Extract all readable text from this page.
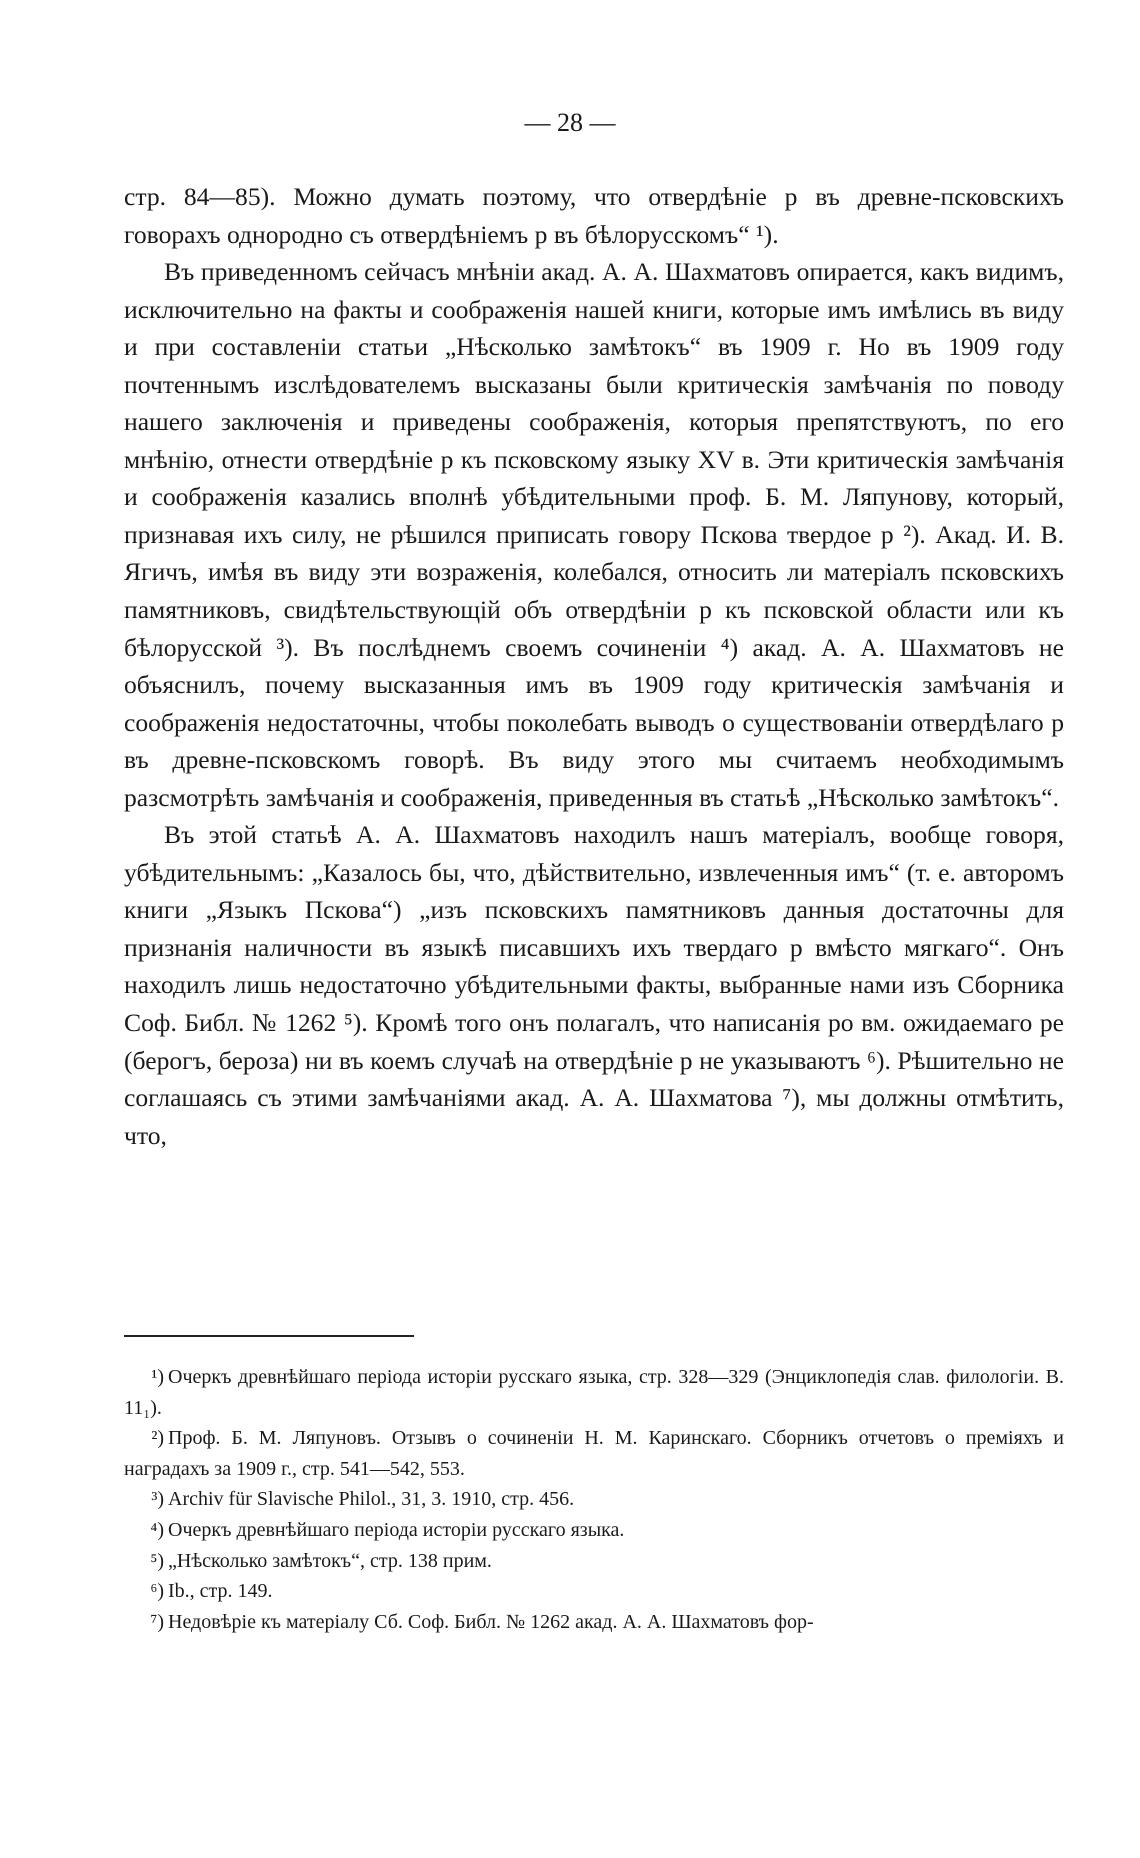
— 28 —

стр. 84—85). Можно думать поэтому, что отвердѣніе р въ древне-псковскихъ говорахъ однородно съ отвердѣніемъ р въ бѣлорусскомъ“ ¹).

Въ приведенномъ сейчасъ мнѣніи акад. А. А. Шахматовъ опирается, какъ видимъ, исключительно на факты и соображенія нашей книги, которые имъ имѣлись въ виду и при составленіи статьи „Нѣсколько замѣтокъ“ въ 1909 г. Но въ 1909 году почтеннымъ изслѣдователемъ высказаны были критическія замѣчанія по поводу нашего заключенія и приведены соображенія, которыя препятствуютъ, по его мнѣнію, отнести отвердѣніе р къ псковскому языку XV в. Эти критическія замѣчанія и соображенія казались вполнѣ убѣдительными проф. Б. М. Ляпунову, который, признавая ихъ силу, не рѣшился приписать говору Пскова твердое р ²). Акад. И. В. Ягичъ, имѣя въ виду эти возраженія, колебался, относить ли матеріалъ псковскихъ памятниковъ, свидѣтельствующій объ отвердѣніи р къ псковской области или къ бѣлорусской ³). Въ послѣднемъ своемъ сочиненіи ⁴) акад. А. А. Шахматовъ не объяснилъ, почему высказанныя имъ въ 1909 году критическія замѣчанія и соображенія недостаточны, чтобы поколебать выводъ о существованіи отвердѣлаго р въ древне-псковскомъ говорѣ. Въ виду этого мы считаемъ необходимымъ разсмотрѣть замѣчанія и соображенія, приведенныя въ статьѣ „Нѣсколько замѣтокъ“.

Въ этой статьѣ А. А. Шахматовъ находилъ нашъ матеріалъ, вообще говоря, убѣдительнымъ: „Казалось бы, что, дѣйствительно, извлеченныя имъ“ (т. е. авторомъ книги „Языкъ Пскова“) „изъ псковскихъ памятниковъ данныя достаточны для признанія наличности въ языкѣ писавшихъ ихъ твердаго р вмѣсто мягкаго“. Онъ находилъ лишь недостаточно убѣдительными факты, выбранные нами изъ Сборника Соф. Библ. № 1262 ⁵). Кромѣ того онъ полагалъ, что написанія ро вм. ожидаемаго ре (берогъ, бероза) ни въ коемъ случаѣ на отвердѣніе р не указываютъ ⁶). Рѣшительно не соглашаясь съ этими замѣчаніями акад. А. А. Шахматова ⁷), мы должны отмѣтить, что,

¹) Очеркъ древнѣйшаго періода исторіи русскаго языка, стр. 328—329 (Энциклопедія слав. филологіи. В. 11₁).

²) Проф. Б. М. Ляпуновъ. Отзывъ о сочиненіи Н. М. Каринскаго. Сборникъ отчетовъ о преміяхъ и наградахъ за 1909 г., стр. 541—542, 553.

³) Archiv für Slavische Philol., 31, 3. 1910, стр. 456.

⁴) Очеркъ древнѣйшаго періода исторіи русскаго языка.

⁵) „Нѣсколько замѣтокъ“, стр. 138 прим.

⁶) Ib., стр. 149.

⁷) Недовѣріе къ матеріалу Сб. Соф. Библ. № 1262 акад. А. А. Шахматовъ фор-
